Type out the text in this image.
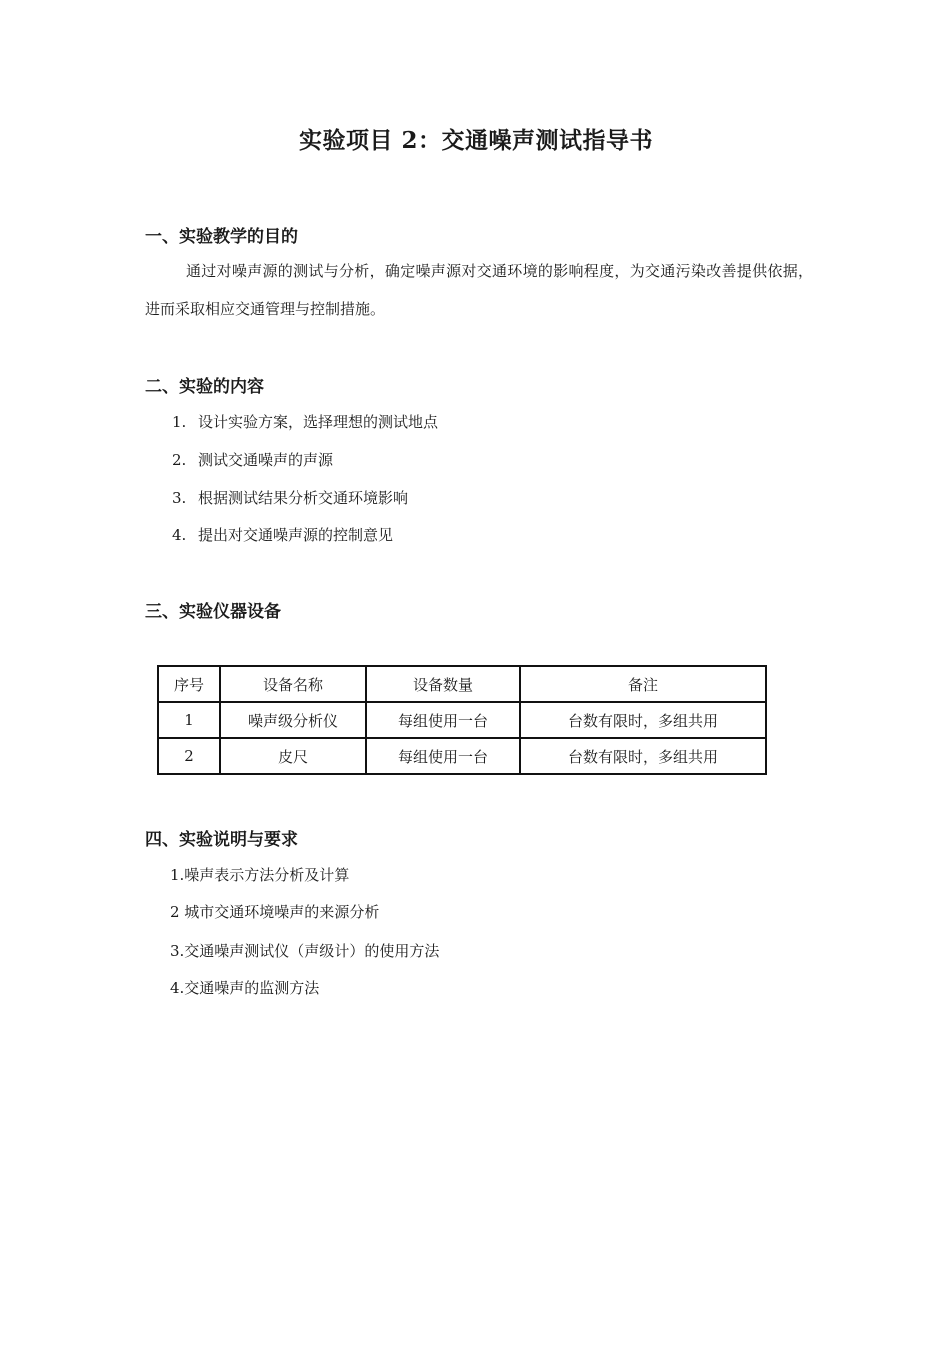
实验项目 2：交通噪声测试指导书
一、实验教学的目的
通过对噪声源的测试与分析，确定噪声源对交通环境的影响程度，为交通污染改善提供依据，进而采取相应交通管理与控制措施。
二、实验的内容
1. 设计实验方案，选择理想的测试地点
2. 测试交通噪声的声源
3. 根据测试结果分析交通环境影响
4. 提出对交通噪声源的控制意见
三、实验仪器设备
序号	设备名称	设备数量	备注
1	噪声级分析仪	每组使用一台	台数有限时，多组共用
2	皮尺	每组使用一台	台数有限时，多组共用
四、实验说明与要求
1.噪声表示方法分析及计算
2 城市交通环境噪声的来源分析
3.交通噪声测试仪（声级计）的使用方法
4.交通噪声的监测方法
